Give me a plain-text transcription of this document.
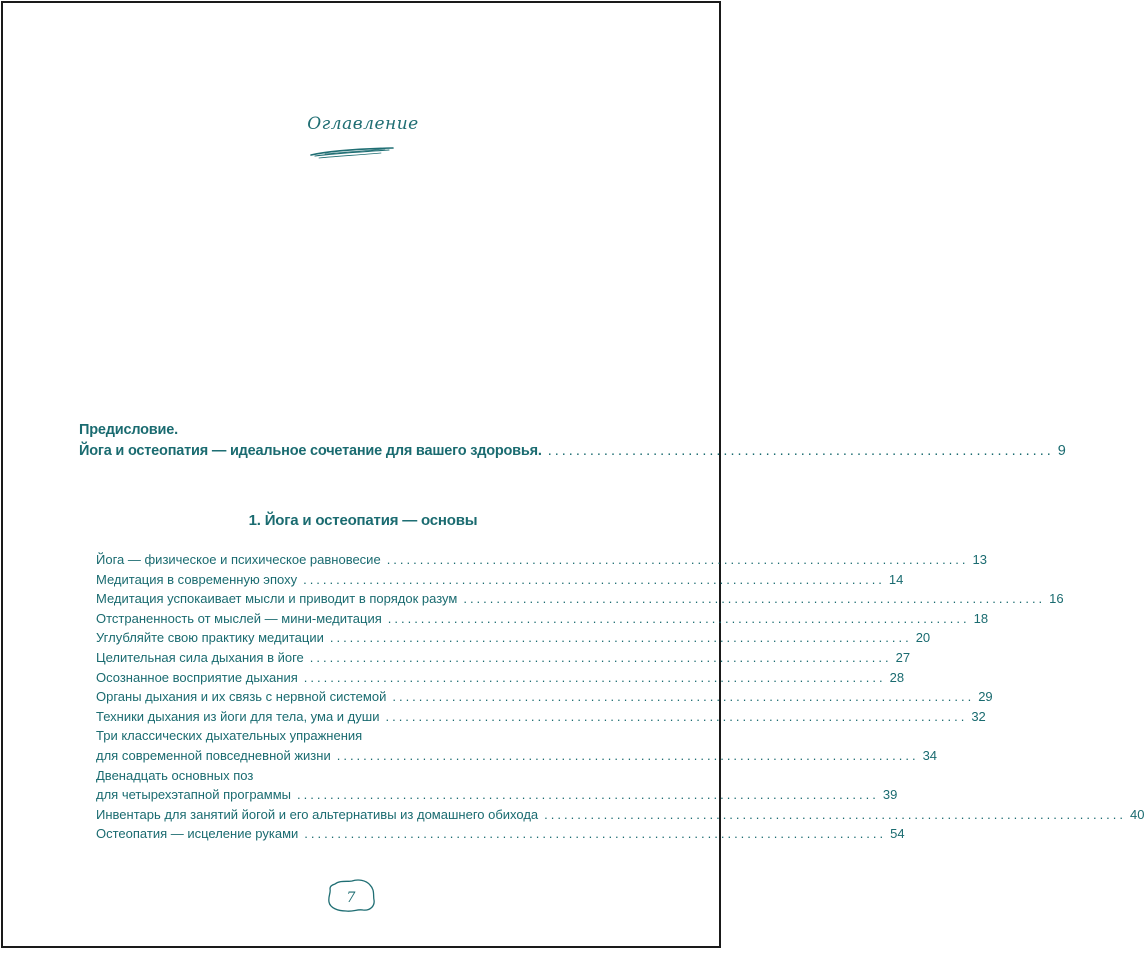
Оглавление
Предисловие.
Йога и остеопатия — идеальное сочетание для вашего здоровья. ........................................................................ 9
1. Йога и остеопатия — основы
Йога — физическое и психическое равновесие ........................................................................................ 13
Медитация в современную эпоху ........................................................................................ 14
Медитация успокаивает мысли и приводит в порядок разум ........................................................................................ 16
Отстраненность от мыслей — мини-медитация ........................................................................................ 18
Углубляйте свою практику медитации ........................................................................................ 20
Целительная сила дыхания в йоге ........................................................................................ 27
Осознанное восприятие дыхания ........................................................................................ 28
Органы дыхания и их связь с нервной системой ........................................................................................ 29
Техники дыхания из йоги для тела, ума и души ........................................................................................ 32
Три классических дыхательных упражнения
для современной повседневной жизни ........................................................................................ 34
Двенадцать основных поз
для четырехэтапной программы ........................................................................................ 39
Инвентарь для занятий йогой и его альтернативы из домашнего обихода ........................................................................................ 40
Остеопатия — исцеление руками ........................................................................................ 54
7
